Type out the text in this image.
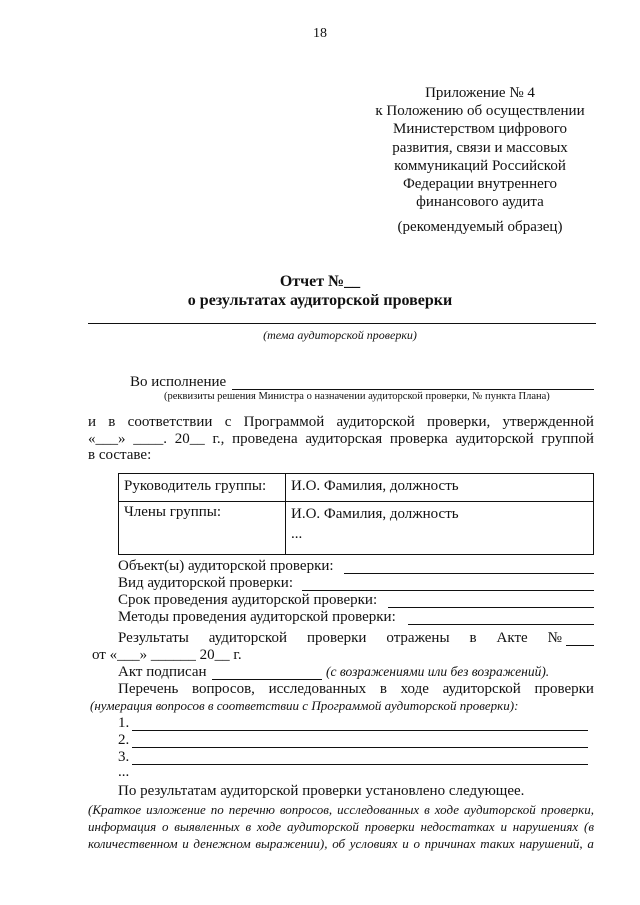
18
Приложение № 4
к Положению об осуществлении
Министерством цифрового
развития, связи и массовых
коммуникаций Российской
Федерации внутреннего
финансового аудита
(рекомендуемый образец)
Отчет №__
о результатах аудиторской проверки
(тема аудиторской проверки)
Во исполнение
(реквизиты решения Министра о назначении аудиторской проверки, № пункта Плана)
и в соответствии с Программой аудиторской проверки, утвержденной
«___» ____. 20__ г., проведена аудиторская проверка аудиторской группой
в составе:
Руководитель группы:	И.О. Фамилия, должность
Члены группы:	И.О. Фамилия, должность
...
Объект(ы) аудиторской проверки:
Вид аудиторской проверки:
Срок проведения аудиторской проверки:
Методы проведения аудиторской проверки:
Результаты аудиторской проверки отражены в Акте №
от «___» ______ 20__ г.
Акт подписан	(с возражениями или без возражений).
Перечень вопросов, исследованных в ходе аудиторской проверки
(нумерация вопросов в соответствии с Программой аудиторской проверки):
1.
2.
3.
...
По результатам аудиторской проверки установлено следующее.
(Краткое изложение по перечню вопросов, исследованных в ходе аудиторской проверки,
информация о выявленных в ходе аудиторской проверки недостатках и нарушениях (в
количественном и денежном выражении), об условиях и о причинах таких нарушений, а
